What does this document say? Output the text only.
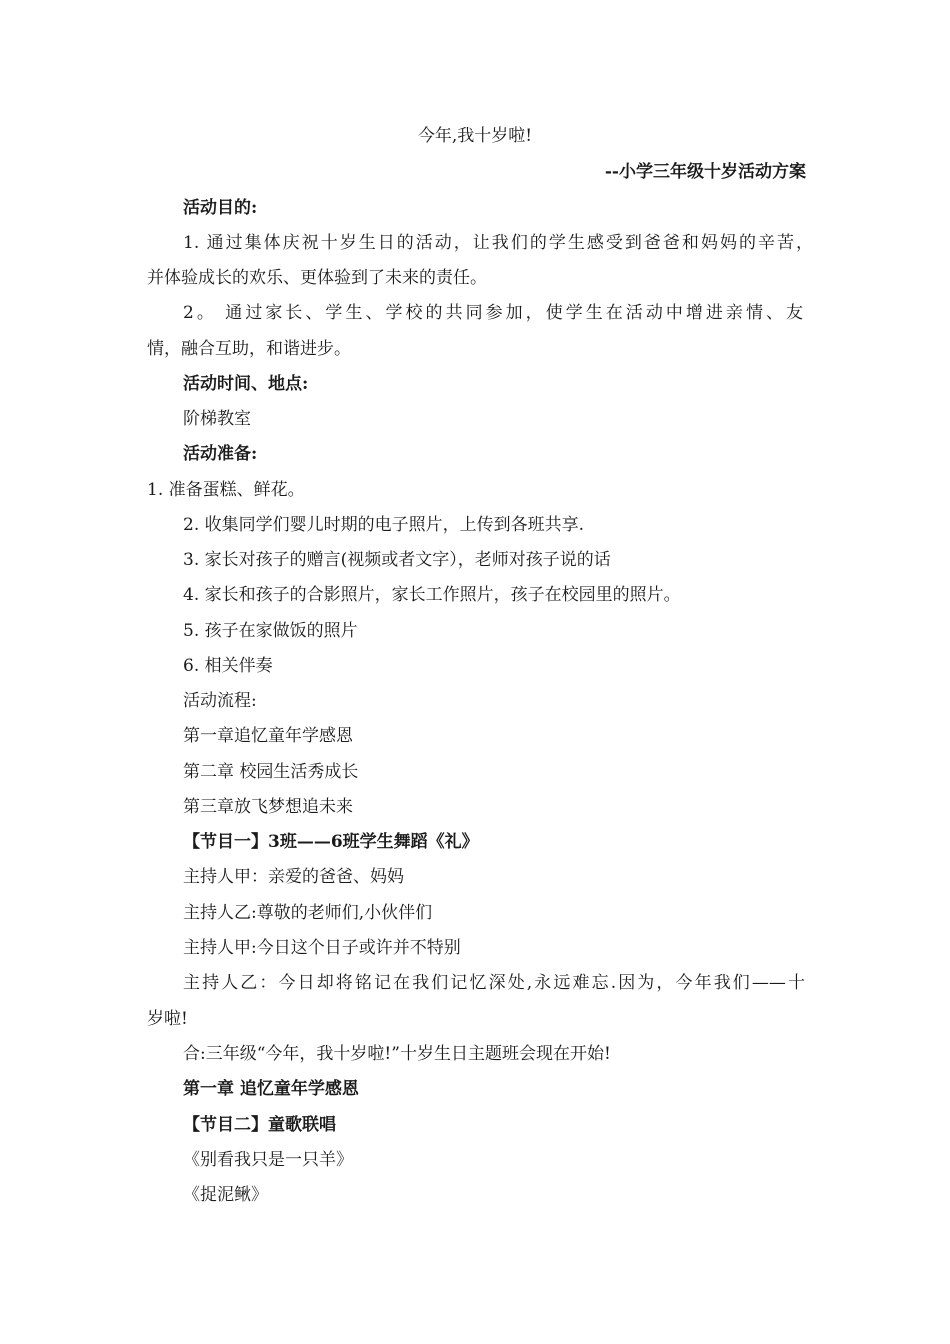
今年,我十岁啦!
--小学三年级十岁活动方案
活动目的:
1. 通过集体庆祝十岁生日的活动，让我们的学生感受到爸爸和妈妈的辛苦，
并体验成长的欢乐、更体验到了未来的责任。
2。 通过家长、学生、学校的共同参加，使学生在活动中增进亲情、友
情，融合互助，和谐进步。
活动时间、地点:
阶梯教室
活动准备:
1. 准备蛋糕、鲜花。
2. 收集同学们婴儿时期的电子照片，上传到各班共享.
3. 家长对孩子的赠言(视频或者文字），老师对孩子说的话
4. 家长和孩子的合影照片，家长工作照片，孩子在校园里的照片。
5. 孩子在家做饭的照片
6. 相关伴奏
活动流程:
第一章追忆童年学感恩
第二章 校园生活秀成长
第三章放飞梦想追未来
【节目一】3班——6班学生舞蹈《礼》
主持人甲：亲爱的爸爸、妈妈
主持人乙:尊敬的老师们,小伙伴们
主持人甲:今日这个日子或许并不特别
主持人乙：今日却将铭记在我们记忆深处,永远难忘.因为，今年我们——十
岁啦!
合:三年级“今年，我十岁啦!”十岁生日主题班会现在开始!
第一章 追忆童年学感恩
【节目二】童歌联唱
《别看我只是一只羊》
《捉泥鳅》
